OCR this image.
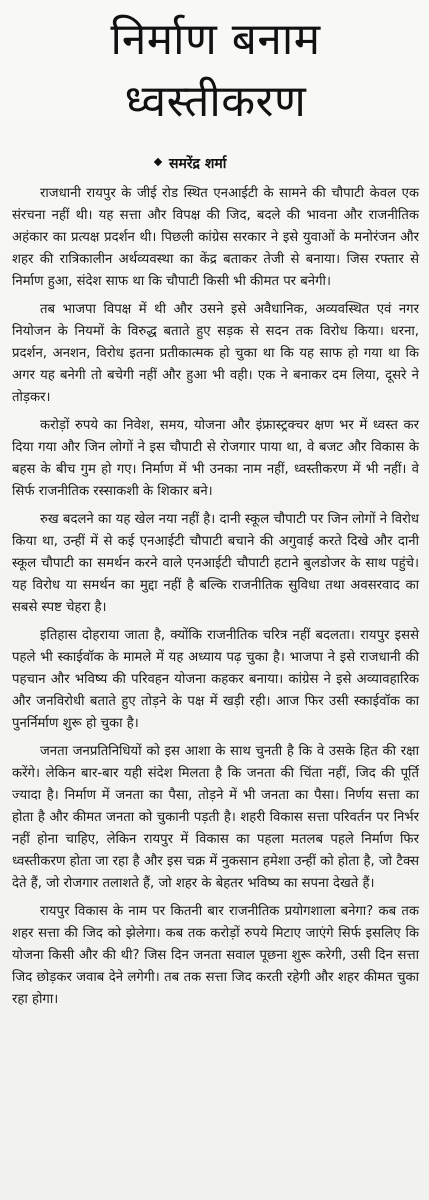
निर्माण बनाम
ध्वस्तीकरण
समरेंद्र शर्मा

राजधानी रायपुर के जीई रोड स्थित एनआईटी के सामने की चौपाटी केवल एक संरचना नहीं थी। यह सत्ता और विपक्ष की जिद, बदले की भावना और राजनीतिक अहंकार का प्रत्यक्ष प्रदर्शन थी। पिछली कांग्रेस सरकार ने इसे युवाओं के मनोरंजन और शहर की रात्रिकालीन अर्थव्यवस्था का केंद्र बताकर तेजी से बनाया। जिस रफ्तार से निर्माण हुआ, संदेश साफ था कि चौपाटी किसी भी कीमत पर बनेगी।

तब भाजपा विपक्ष में थी और उसने इसे अवैधानिक, अव्यवस्थित एवं नगर नियोजन के नियमों के विरुद्ध बताते हुए सड़क से सदन तक विरोध किया। धरना, प्रदर्शन, अनशन, विरोध इतना प्रतीकात्मक हो चुका था कि यह साफ हो गया था कि अगर यह बनेगी तो बचेगी नहीं और हुआ भी वही। एक ने बनाकर दम लिया, दूसरे ने तोड़कर।

करोड़ों रुपये का निवेश, समय, योजना और इंफ्रास्ट्रक्चर क्षण भर में ध्वस्त कर दिया गया और जिन लोगों ने इस चौपाटी से रोजगार पाया था, वे बजट और विकास के बहस के बीच गुम हो गए। निर्माण में भी उनका नाम नहीं, ध्वस्तीकरण में भी नहीं। वे सिर्फ राजनीतिक रस्साकशी के शिकार बने।

रुख बदलने का यह खेल नया नहीं है। दानी स्कूल चौपाटी पर जिन लोगों ने विरोध किया था, उन्हीं में से कई एनआईटी चौपाटी बचाने की अगुवाई करते दिखे और दानी स्कूल चौपाटी का समर्थन करने वाले एनआईटी चौपाटी हटाने बुलडोजर के साथ पहुंचे। यह विरोध या समर्थन का मुद्दा नहीं है बल्कि राजनीतिक सुविधा तथा अवसरवाद का सबसे स्पष्ट चेहरा है।

इतिहास दोहराया जाता है, क्योंकि राजनीतिक चरित्र नहीं बदलता। रायपुर इससे पहले भी स्काईवॉक के मामले में यह अध्याय पढ़ चुका है। भाजपा ने इसे राजधानी की पहचान और भविष्य की परिवहन योजना कहकर बनाया। कांग्रेस ने इसे अव्यावहारिक और जनविरोधी बताते हुए तोड़ने के पक्ष में खड़ी रही। आज फिर उसी स्काईवॉक का पुनर्निर्माण शुरू हो चुका है।

जनता जनप्रतिनिधियों को इस आशा के साथ चुनती है कि वे उसके हित की रक्षा करेंगे। लेकिन बार-बार यही संदेश मिलता है कि जनता की चिंता नहीं, जिद की पूर्ति ज्यादा है। निर्माण में जनता का पैसा, तोड़ने में भी जनता का पैसा। निर्णय सत्ता का होता है और कीमत जनता को चुकानी पड़ती है। शहरी विकास सत्ता परिवर्तन पर निर्भर नहीं होना चाहिए, लेकिन रायपुर में विकास का पहला मतलब पहले निर्माण फिर ध्वस्तीकरण होता जा रहा है और इस चक्र में नुकसान हमेशा उन्हीं को होता है, जो टैक्स देते हैं, जो रोजगार तलाशते हैं, जो शहर के बेहतर भविष्य का सपना देखते हैं।

रायपुर विकास के नाम पर कितनी बार राजनीतिक प्रयोगशाला बनेगा? कब तक शहर सत्ता की जिद को झेलेगा। कब तक करोड़ों रुपये मिटाए जाएंगे सिर्फ इसलिए कि योजना किसी और की थी? जिस दिन जनता सवाल पूछना शुरू करेगी, उसी दिन सत्ता जिद छोड़कर जवाब देने लगेगी। तब तक सत्ता जिद करती रहेगी और शहर कीमत चुका रहा होगा।
